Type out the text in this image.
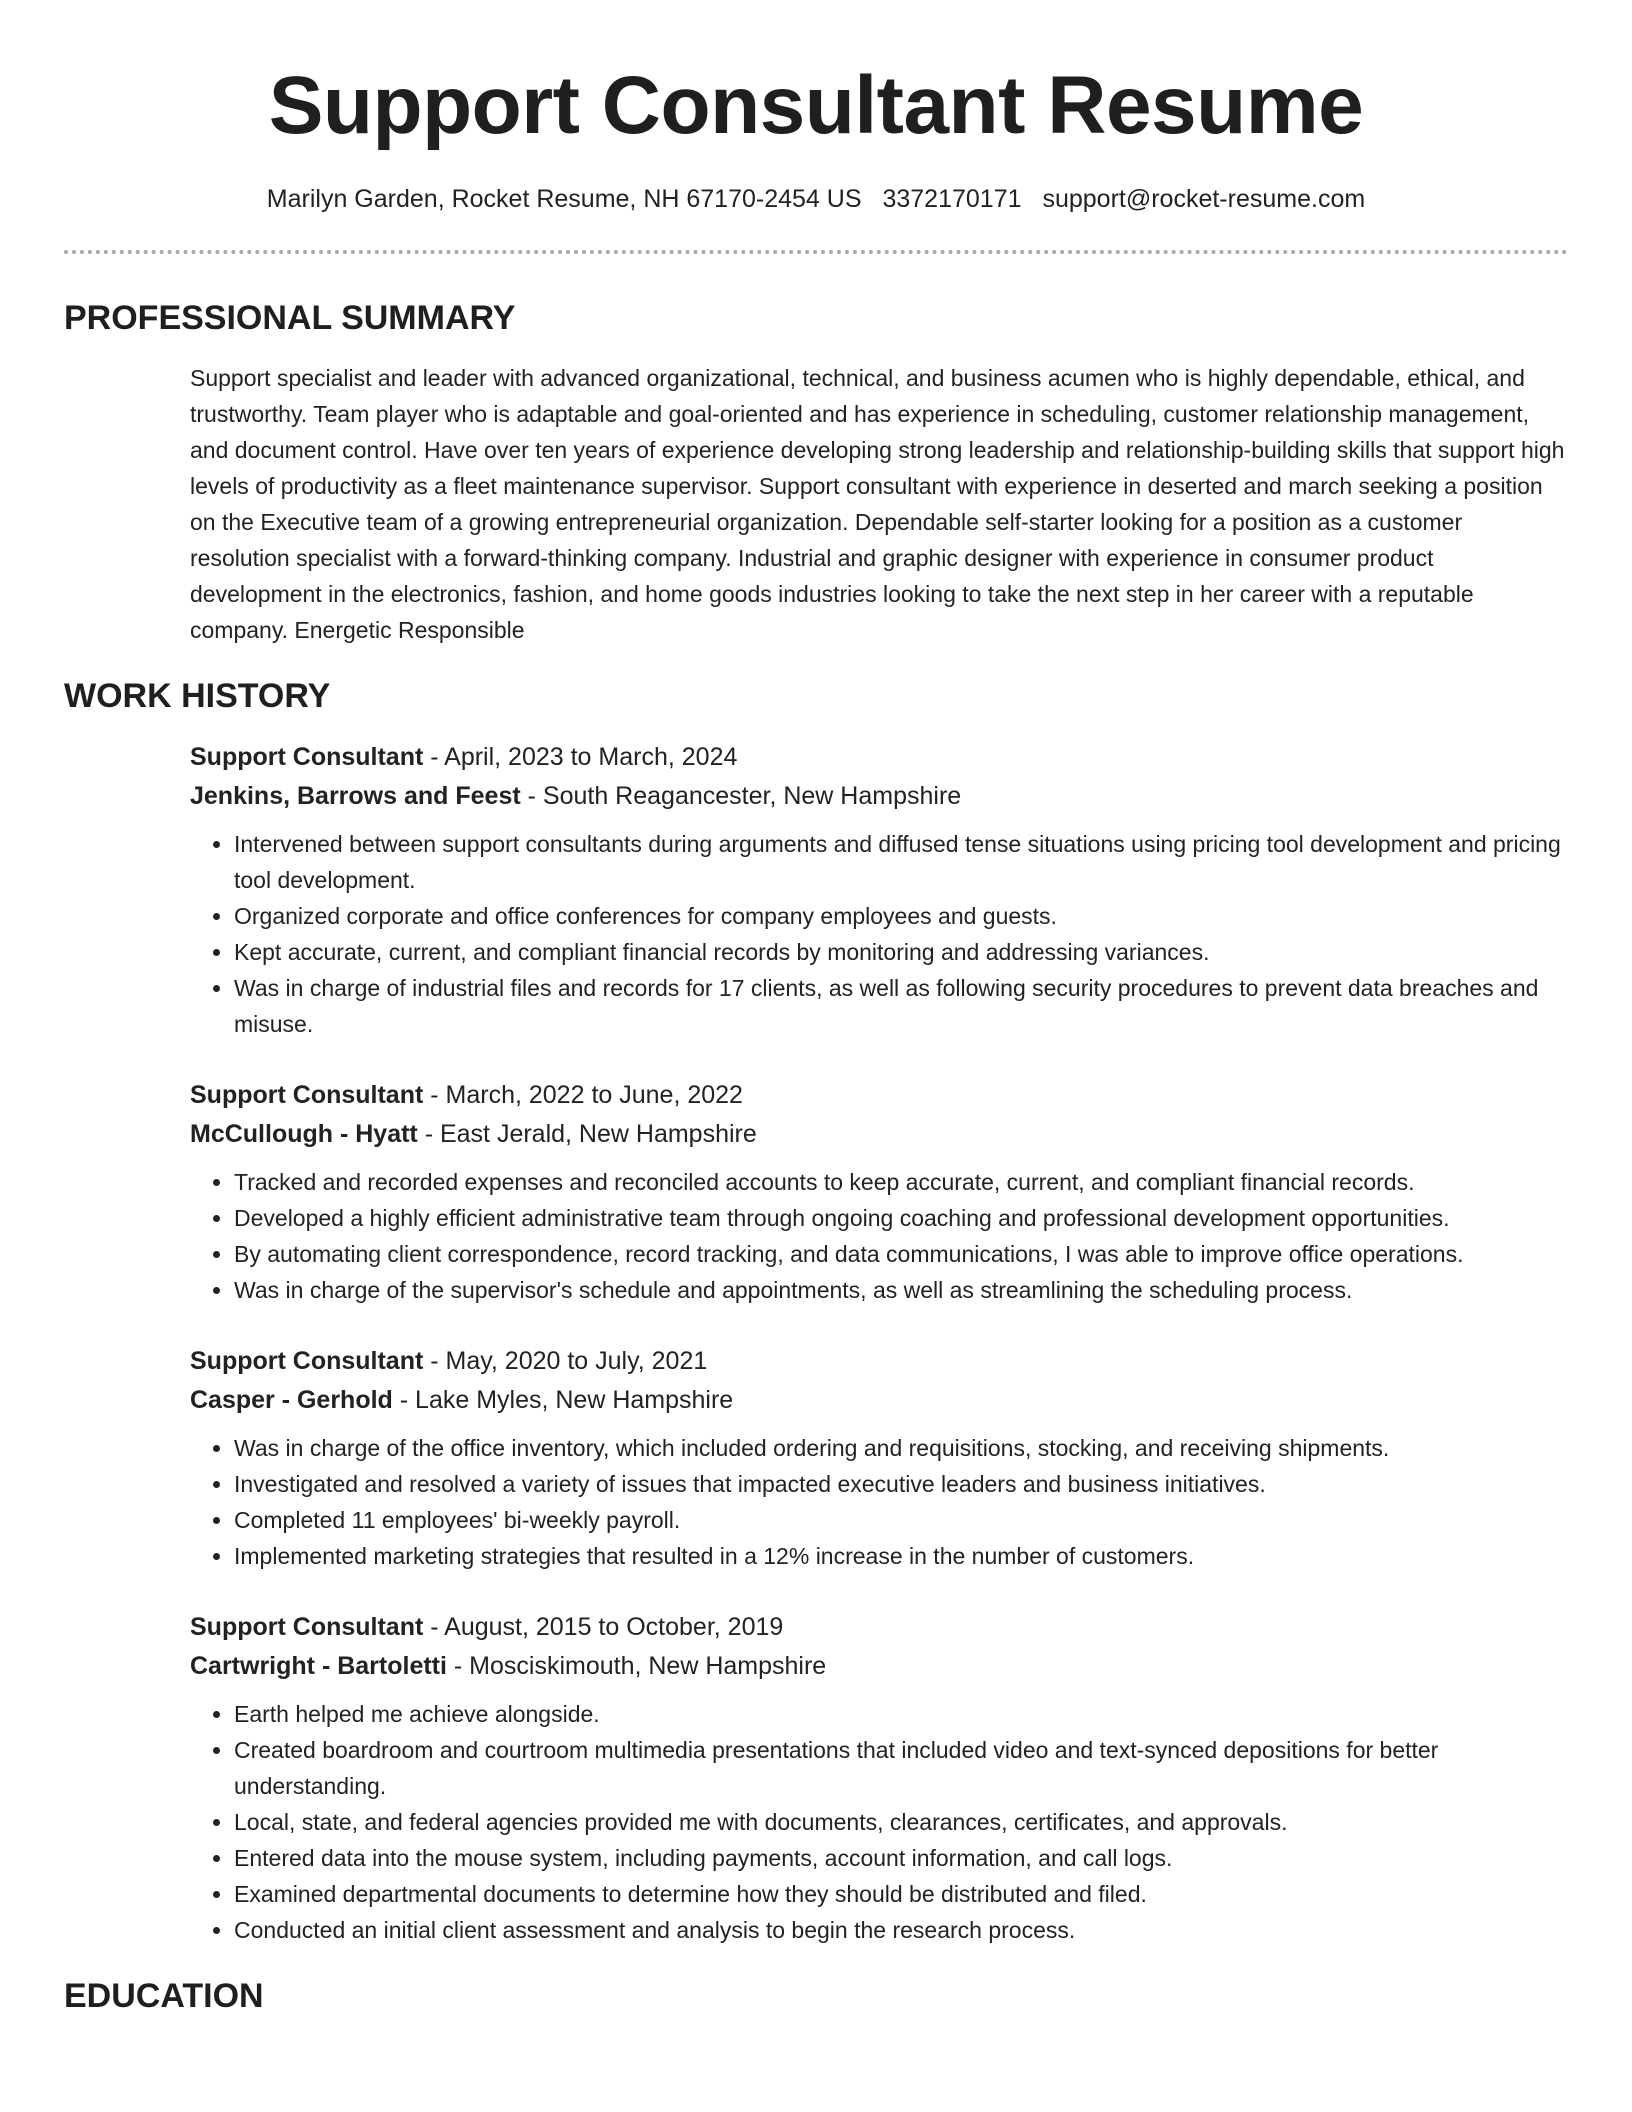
Support Consultant Resume
Marilyn Garden, Rocket Resume, NH 67170-2454 US 3372170171 support@rocket-resume.com
PROFESSIONAL SUMMARY
Support specialist and leader with advanced organizational, technical, and business acumen who is highly dependable, ethical, and trustworthy. Team player who is adaptable and goal-oriented and has experience in scheduling, customer relationship management, and document control. Have over ten years of experience developing strong leadership and relationship-building skills that support high levels of productivity as a fleet maintenance supervisor. Support consultant with experience in deserted and march seeking a position on the Executive team of a growing entrepreneurial organization. Dependable self-starter looking for a position as a customer resolution specialist with a forward-thinking company. Industrial and graphic designer with experience in consumer product development in the electronics, fashion, and home goods industries looking to take the next step in her career with a reputable company. Energetic Responsible
WORK HISTORY
Support Consultant - April, 2023 to March, 2024
Jenkins, Barrows and Feest - South Reagancester, New Hampshire
• Intervened between support consultants during arguments and diffused tense situations using pricing tool development and pricing tool development.
• Organized corporate and office conferences for company employees and guests.
• Kept accurate, current, and compliant financial records by monitoring and addressing variances.
• Was in charge of industrial files and records for 17 clients, as well as following security procedures to prevent data breaches and misuse.
Support Consultant - March, 2022 to June, 2022
McCullough - Hyatt - East Jerald, New Hampshire
• Tracked and recorded expenses and reconciled accounts to keep accurate, current, and compliant financial records.
• Developed a highly efficient administrative team through ongoing coaching and professional development opportunities.
• By automating client correspondence, record tracking, and data communications, I was able to improve office operations.
• Was in charge of the supervisor's schedule and appointments, as well as streamlining the scheduling process.
Support Consultant - May, 2020 to July, 2021
Casper - Gerhold - Lake Myles, New Hampshire
• Was in charge of the office inventory, which included ordering and requisitions, stocking, and receiving shipments.
• Investigated and resolved a variety of issues that impacted executive leaders and business initiatives.
• Completed 11 employees' bi-weekly payroll.
• Implemented marketing strategies that resulted in a 12% increase in the number of customers.
Support Consultant - August, 2015 to October, 2019
Cartwright - Bartoletti - Mosciskimouth, New Hampshire
• Earth helped me achieve alongside.
• Created boardroom and courtroom multimedia presentations that included video and text-synced depositions for better understanding.
• Local, state, and federal agencies provided me with documents, clearances, certificates, and approvals.
• Entered data into the mouse system, including payments, account information, and call logs.
• Examined departmental documents to determine how they should be distributed and filed.
• Conducted an initial client assessment and analysis to begin the research process.
EDUCATION
